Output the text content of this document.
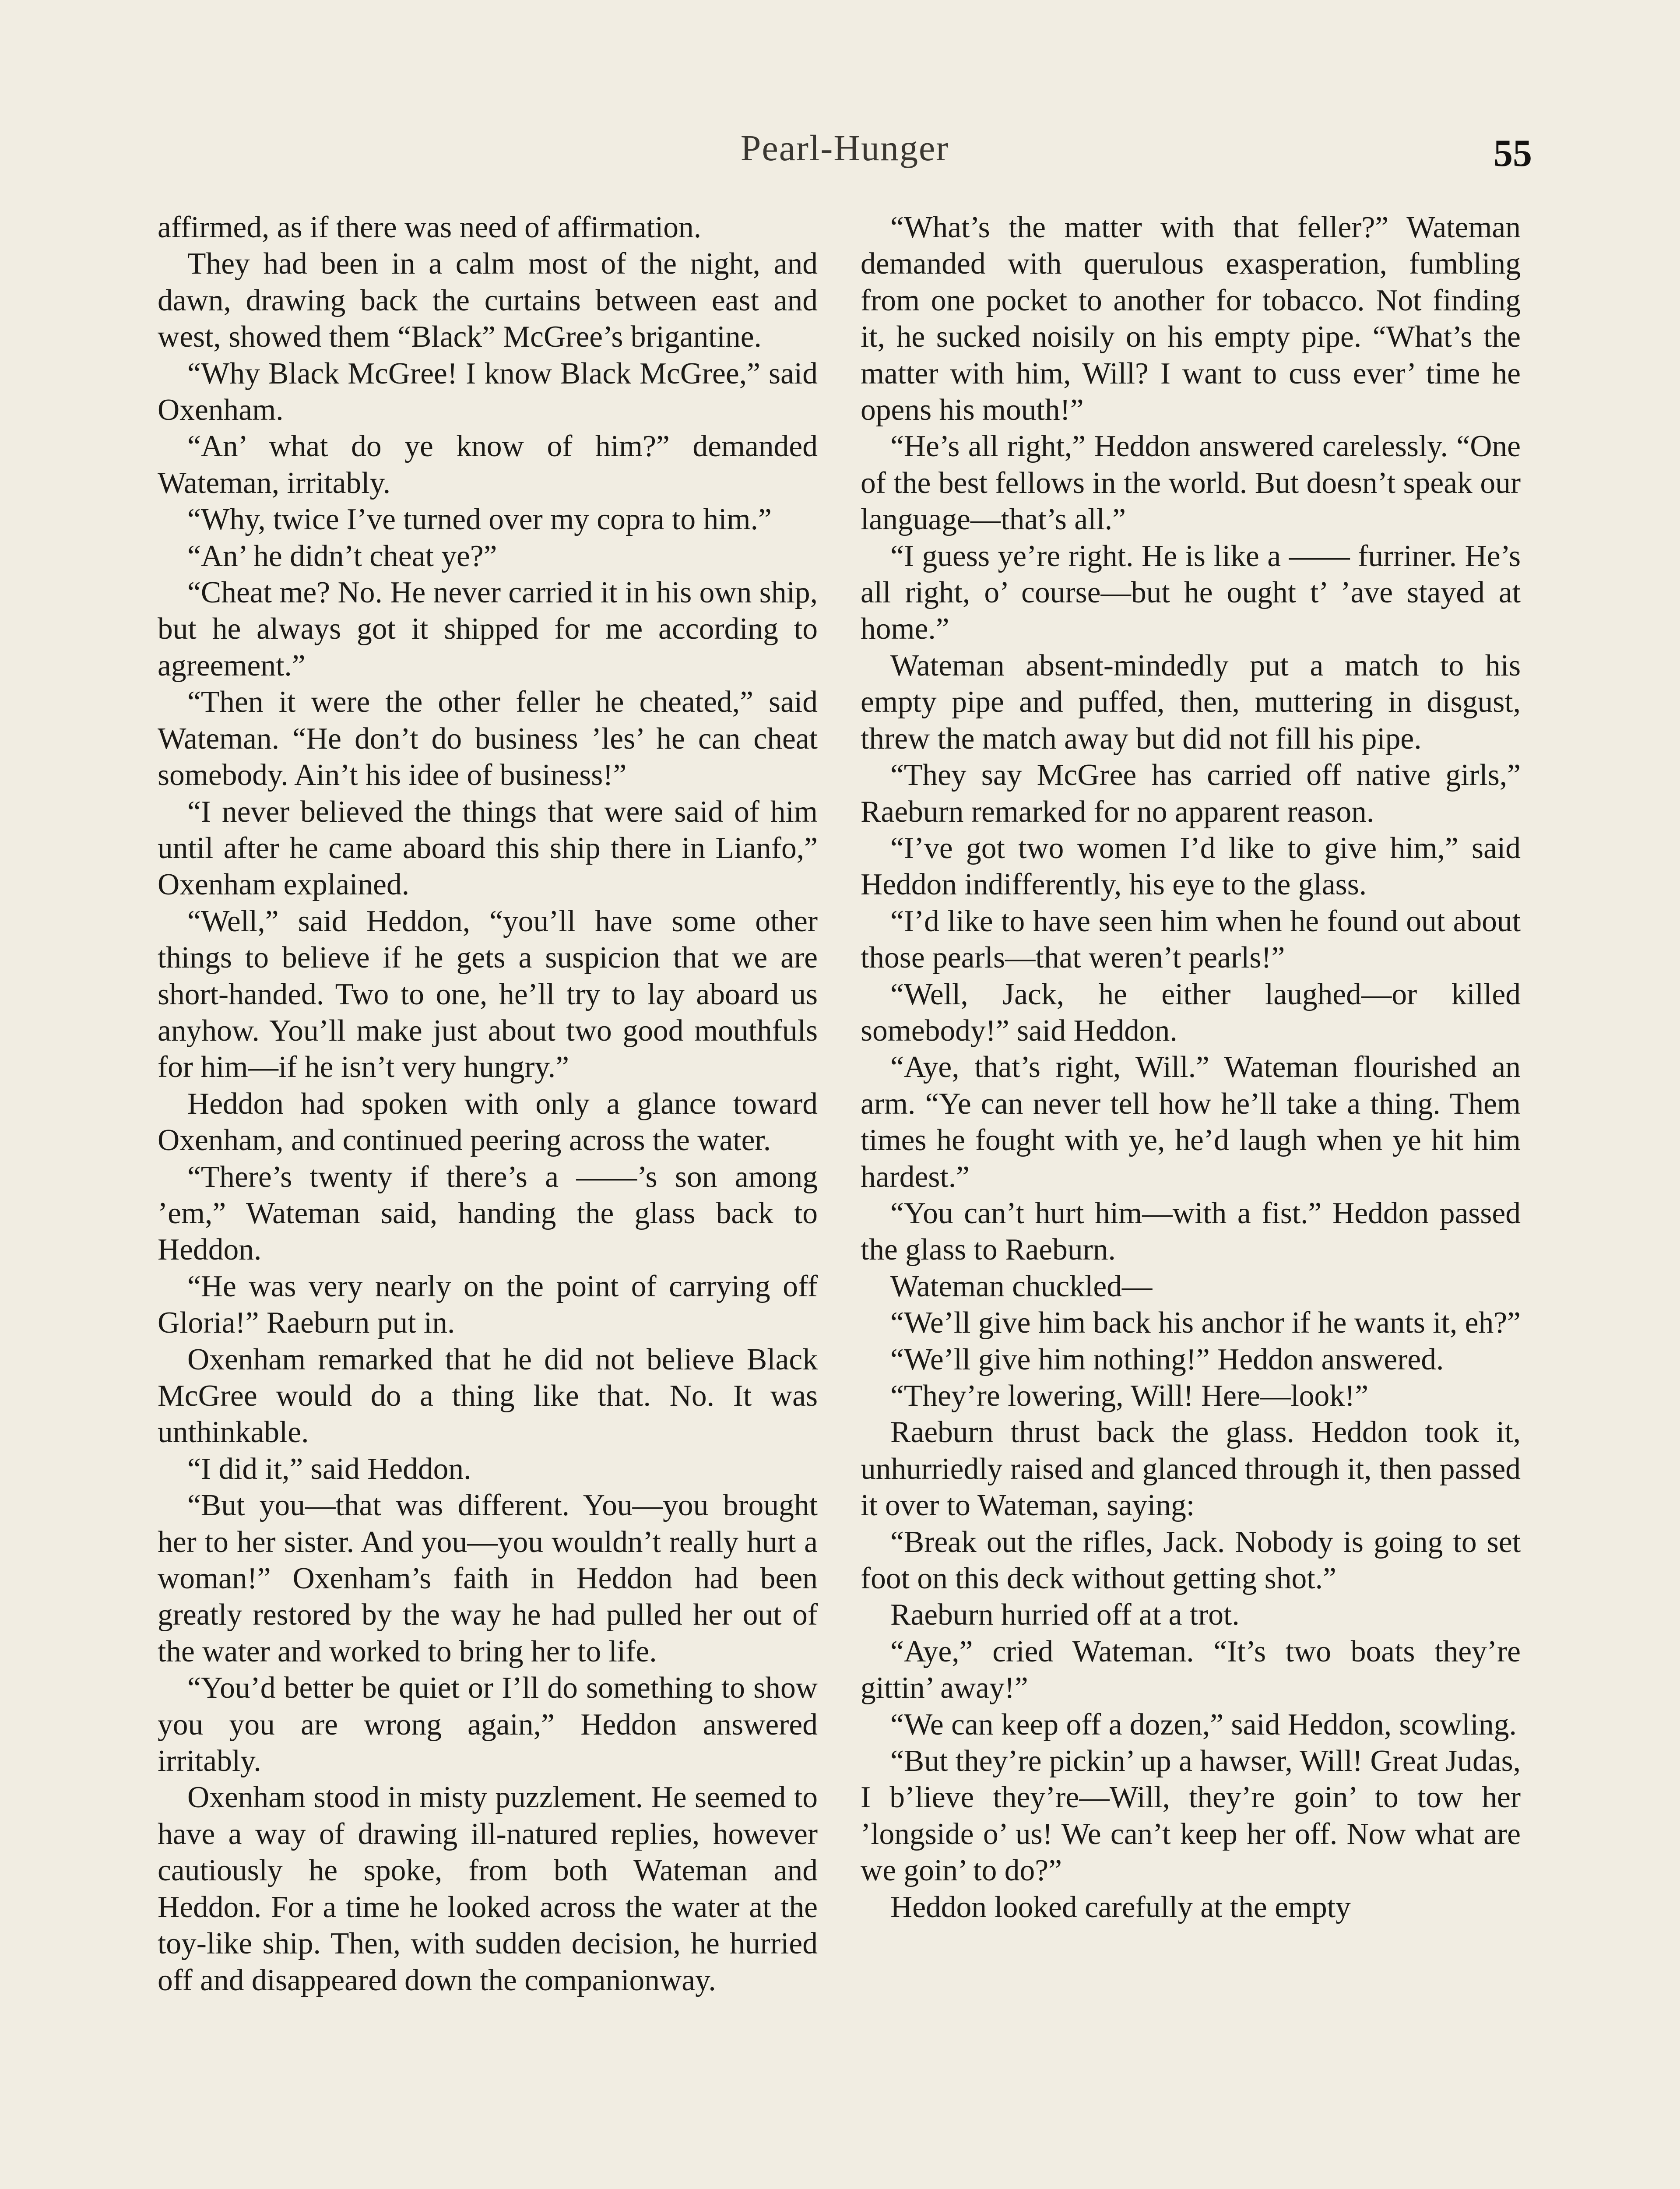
Pearl-Hunger	55

affirmed, as if there was need of affirmation.

They had been in a calm most of the night, and dawn, drawing back the curtains between east and west, showed them “Black” McGree’s brigantine.

“Why Black McGree! I know Black McGree,” said Oxenham.

“An’ what do ye know of him?” demanded Wateman, irritably.

“Why, twice I’ve turned over my copra to him.”

“An’ he didn’t cheat ye?”

“Cheat me? No. He never carried it in his own ship, but he always got it shipped for me according to agreement.”

“Then it were the other feller he cheated,” said Wateman. “He don’t do business ’les’ he can cheat somebody. Ain’t his idee of business!”

“I never believed the things that were said of him until after he came aboard this ship there in Lianfo,” Oxenham explained.

“Well,” said Heddon, “you’ll have some other things to believe if he gets a suspicion that we are short-handed. Two to one, he’ll try to lay aboard us anyhow. You’ll make just about two good mouthfuls for him—if he isn’t very hungry.”

Heddon had spoken with only a glance toward Oxenham, and continued peering across the water.

“There’s twenty if there’s a ——’s son among ’em,” Wateman said, handing the glass back to Heddon.

“He was very nearly on the point of carrying off Gloria!” Raeburn put in.

Oxenham remarked that he did not believe Black McGree would do a thing like that. No. It was unthinkable.

“I did it,” said Heddon.

“But you—that was different. You—you brought her to her sister. And you—you wouldn’t really hurt a woman!” Oxenham’s faith in Heddon had been greatly restored by the way he had pulled her out of the water and worked to bring her to life.

“You’d better be quiet or I’ll do something to show you you are wrong again,” Heddon answered irritably.

Oxenham stood in misty puzzlement. He seemed to have a way of drawing ill-natured replies, however cautiously he spoke, from both Wateman and Heddon. For a time he looked across the water at the toy-like ship. Then, with sudden decision, he hurried off and disappeared down the companionway.

“What’s the matter with that feller?” Wateman demanded with querulous exasperation, fumbling from one pocket to another for tobacco. Not finding it, he sucked noisily on his empty pipe. “What’s the matter with him, Will? I want to cuss ever’ time he opens his mouth!”

“He’s all right,” Heddon answered carelessly. “One of the best fellows in the world. But doesn’t speak our language—that’s all.”

“I guess ye’re right. He is like a —— furriner. He’s all right, o’ course—but he ought t’ ’ave stayed at home.”

Wateman absent-mindedly put a match to his empty pipe and puffed, then, muttering in disgust, threw the match away but did not fill his pipe.

“They say McGree has carried off native girls,” Raeburn remarked for no apparent reason.

“I’ve got two women I’d like to give him,” said Heddon indifferently, his eye to the glass.

“I’d like to have seen him when he found out about those pearls—that weren’t pearls!”

“Well, Jack, he either laughed—or killed somebody!” said Heddon.

“Aye, that’s right, Will.” Wateman flourished an arm. “Ye can never tell how he’ll take a thing. Them times he fought with ye, he’d laugh when ye hit him hardest.”

“You can’t hurt him—with a fist.” Heddon passed the glass to Raeburn.

Wateman chuckled—

“We’ll give him back his anchor if he wants it, eh?”

“We’ll give him nothing!” Heddon answered.

“They’re lowering, Will! Here—look!”

Raeburn thrust back the glass. Heddon took it, unhurriedly raised and glanced through it, then passed it over to Wateman, saying:

“Break out the rifles, Jack. Nobody is going to set foot on this deck without getting shot.”

Raeburn hurried off at a trot.

“Aye,” cried Wateman. “It’s two boats they’re gittin’ away!”

“We can keep off a dozen,” said Heddon, scowling.

“But they’re pickin’ up a hawser, Will! Great Judas, I b’lieve they’re—Will, they’re goin’ to tow her ’longside o’ us! We can’t keep her off. Now what are we goin’ to do?”

Heddon looked carefully at the empty
